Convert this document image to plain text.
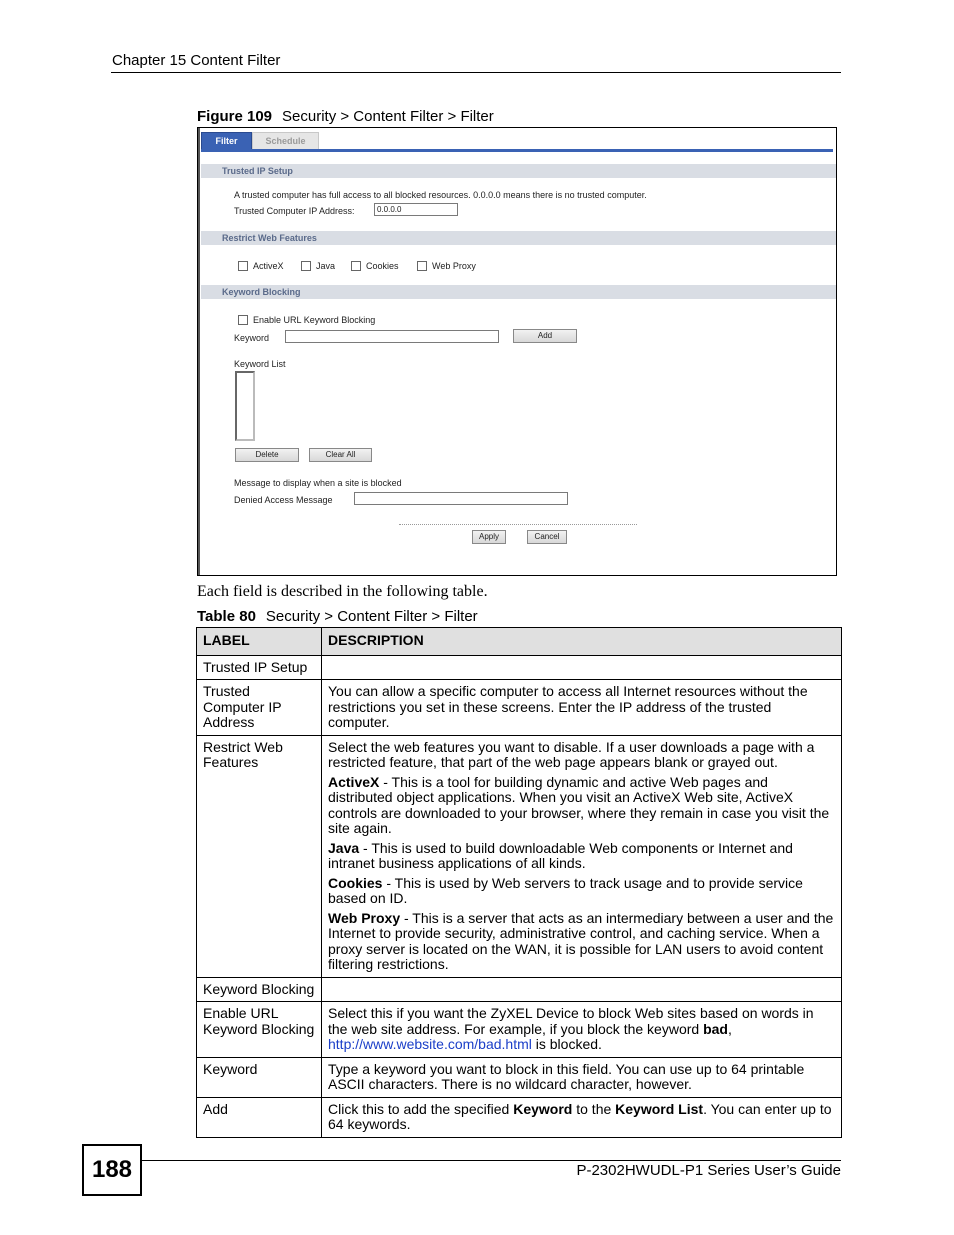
Chapter 15 Content Filter
Figure 109 Security > Content Filter > Filter
Filter	Schedule
Trusted IP Setup
A trusted computer has full access to all blocked resources. 0.0.0.0 means there is no trusted computer.
Trusted Computer IP Address:	0.0.0.0
Restrict Web Features
ActiveX	Java	Cookies	Web Proxy
Keyword Blocking
Enable URL Keyword Blocking
Keyword	Add
Keyword List
Delete	Clear All
Message to display when a site is blocked
Denied Access Message
Apply	Cancel
Each field is described in the following table.
Table 80 Security > Content Filter > Filter
LABEL	DESCRIPTION
Trusted IP Setup	
Trusted Computer IP Address	You can allow a specific computer to access all Internet resources without the restrictions you set in these screens. Enter the IP address of the trusted computer.
Restrict Web Features	Select the web features you want to disable. If a user downloads a page with a restricted feature, that part of the web page appears blank or grayed out.

ActiveX - This is a tool for building dynamic and active Web pages and distributed object applications. When you visit an ActiveX Web site, ActiveX controls are downloaded to your browser, where they remain in case you visit the site again.

Java - This is used to build downloadable Web components or Internet and intranet business applications of all kinds.

Cookies - This is used by Web servers to track usage and to provide service based on ID.

Web Proxy - This is a server that acts as an intermediary between a user and the Internet to provide security, administrative control, and caching service. When a proxy server is located on the WAN, it is possible for LAN users to avoid content filtering restrictions.

Keyword Blocking	
Enable URL Keyword Blocking	Select this if you want the ZyXEL Device to block Web sites based on words in the web site address. For example, if you block the keyword bad, http://www.website.com/bad.html is blocked.
Keyword	Type a keyword you want to block in this field. You can use up to 64 printable ASCII characters. There is no wildcard character, however.
Add	Click this to add the specified Keyword to the Keyword List. You can enter up to 64 keywords.
188	P-2302HWUDL-P1 Series User’s Guide
